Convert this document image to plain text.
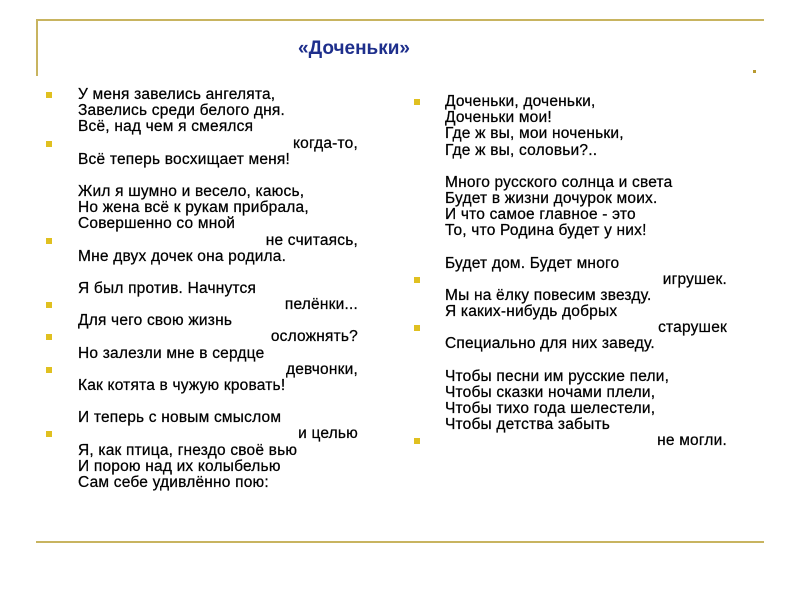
«Доченьки»
У меня завелись ангелята,
Завелись среди белого дня.
Всё, над чем я смеялся
когда-то,
Всё теперь восхищает меня!
Жил я шумно и весело, каюсь,
Но жена всё к рукам прибрала,
Совершенно со мной
не считаясь,
Мне двух дочек она родила.
Я был против. Начнутся
пелёнки...
Для чего свою жизнь
осложнять?
Но залезли мне в сердце
девчонки,
Как котята в чужую кровать!
И теперь с новым смыслом
и целью
Я, как птица, гнездо своё вью
И порою над их колыбелью
Сам себе удивлённо пою:
Доченьки, доченьки,
Доченьки мои!
Где ж вы, мои ноченьки,
Где ж вы, соловьи?..
Много русского солнца и света
Будет в жизни дочурок моих.
И что самое главное - это
То, что Родина будет у них!
Будет дом. Будет много
игрушек.
Мы на ёлку повесим звезду.
Я каких-нибудь добрых
старушек
Специально для них заведу.
Чтобы песни им русские пели,
Чтобы сказки ночами плели,
Чтобы тихо года шелестели,
Чтобы детства забыть
не могли.
